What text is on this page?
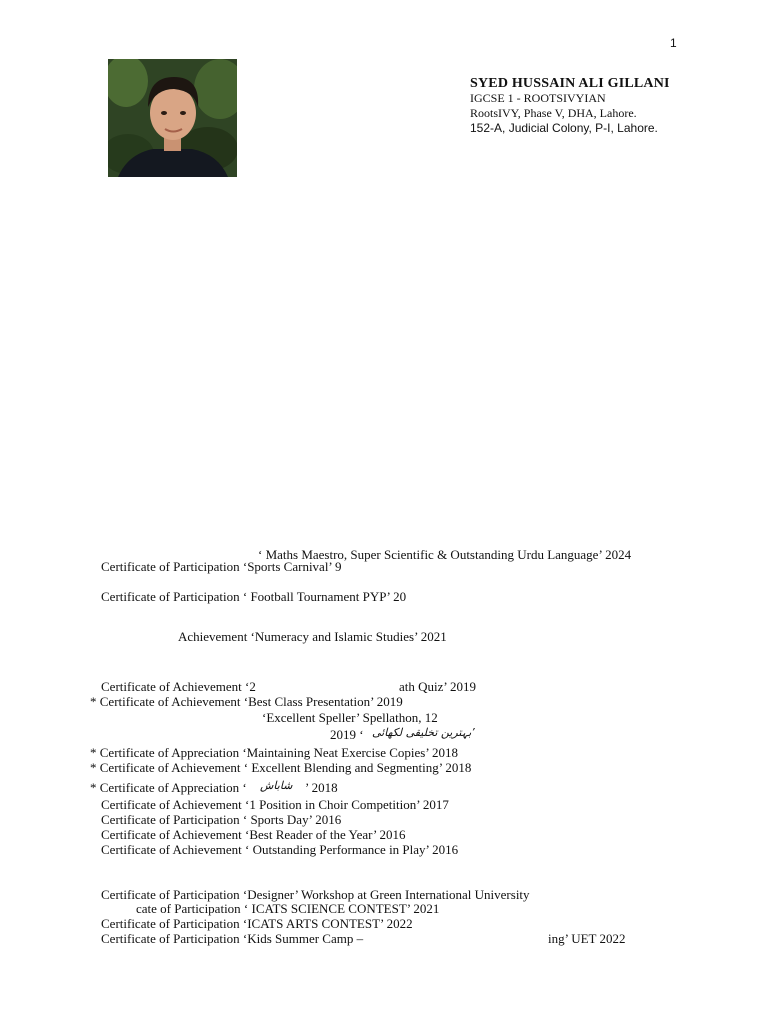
1
SYED HUSSAIN ALI GILLANI
IGCSE 1 - ROOTSIVYIAN
RootsIVY, Phase V, DHA, Lahore.
152-A, Judicial Colony, P-I, Lahore.
‘ Maths Maestro, Super Scientific & Outstanding Urdu Language’ 2024
Certificate of Participation ‘Sports Carnival’ 9
Certificate of Participation ‘ Football Tournament PYP’ 20
Achievement ‘Numeracy and Islamic Studies’ 2021
Certificate of Achievement ‘2	ath Quiz’ 2019
* Certificate of Achievement ‘Best Class Presentation’ 2019
‘Excellent Speller’ Spellathon, 12
2019 ‘ بہترین تخلیقی لکھائی’
* Certificate of Appreciation ‘Maintaining Neat Exercise Copies’ 2018
* Certificate of Achievement ‘ Excellent Blending and Segmenting’ 2018
* Certificate of Appreciation ‘ شاباش ’ 2018
Certificate of Achievement ‘1 Position in Choir Competition’ 2017
Certificate of Participation ‘ Sports Day’ 2016
Certificate of Achievement ‘Best Reader of the Year’ 2016
Certificate of Achievement ‘ Outstanding Performance in Play’ 2016
Certificate of Participation ‘Designer’ Workshop at Green International University
cate of Participation ‘ ICATS SCIENCE CONTEST’ 2021
Certificate of Participation ‘ICATS ARTS CONTEST’ 2022
Certificate of Participation ‘Kids Summer Camp –	ing’ UET 2022
